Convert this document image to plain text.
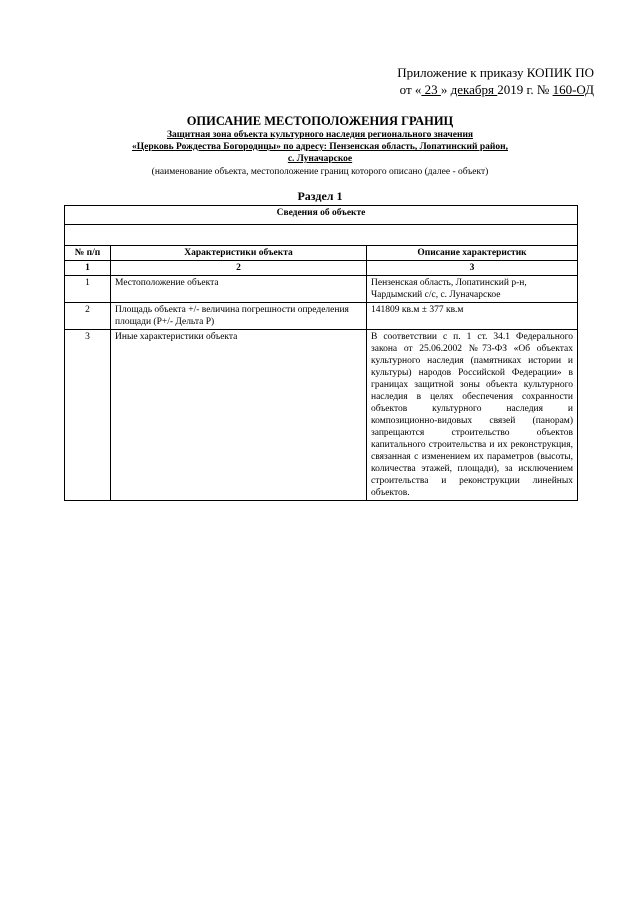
Приложение к приказу КОПИК ПО
от « 23 » декабря 2019 г. № 160-ОД
ОПИСАНИЕ МЕСТОПОЛОЖЕНИЯ ГРАНИЦ
Защитная зона объекта культурного наследия регионального значения
«Церковь Рождества Богородицы» по адресу: Пензенская область, Лопатинский район,
с. Луначарское
(наименование объекта, местоположение границ которого описано (далее - объект)
Раздел 1
Сведения об объекте		

№ п/п	Характеристики объекта	Описание характеристик
1	2	3
1	Местоположение объекта	Пензенская область, Лопатинский р-н, Чардымский с/с, с. Луначарское
2	Площадь объекта +/- величина погрешности определения площади (Р+/- Дельта Р)	141809 кв.м ± 377 кв.м
3	Иные характеристики объекта	В соответствии с п. 1 ст. 34.1 Федерального закона от 25.06.2002 №73-ФЗ «Об объектах культурного наследия (памятниках истории и культуры) народов Российской Федерации» в границах защитной зоны объекта культурного наследия в целях обеспечения сохранности объектов культурного наследия и композиционно-видовых связей (панорам) запрещаются строительство объектов капитального строительства и их реконструкция, связанная с изменением их параметров (высоты, количества этажей, площади), за исключением строительства и реконструкции линейных объектов.
